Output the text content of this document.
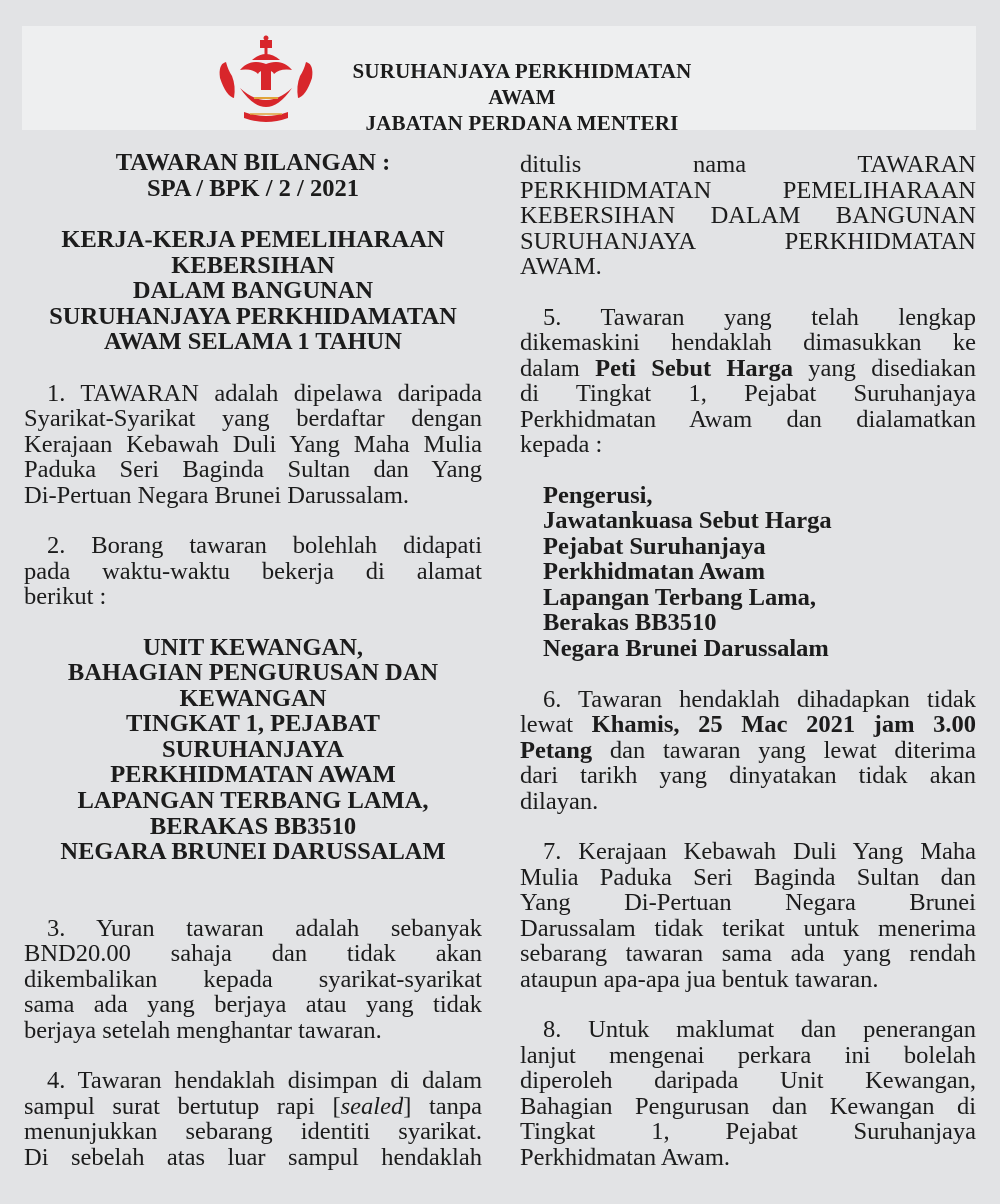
SURUHANJAYA PERKHIDMATAN AWAM
JABATAN PERDANA MENTERI
TAWARAN BILANGAN :
SPA / BPK / 2 / 2021
KERJA-KERJA PEMELIHARAAN
KEBERSIHAN
DALAM BANGUNAN
SURUHANJAYA PERKHIDAMATAN
AWAM SELAMA 1 TAHUN
1. TAWARAN adalah dipelawa daripada
Syarikat-Syarikat yang berdaftar dengan
Kerajaan Kebawah Duli Yang Maha Mulia
Paduka Seri Baginda Sultan dan Yang
Di-Pertuan Negara Brunei Darussalam.
2. Borang tawaran bolehlah didapati
pada waktu-waktu bekerja di alamat
berikut :
UNIT KEWANGAN,
BAHAGIAN PENGURUSAN DAN
KEWANGAN
TINGKAT 1, PEJABAT
SURUHANJAYA
PERKHIDMATAN AWAM
LAPANGAN TERBANG LAMA,
BERAKAS BB3510
NEGARA BRUNEI DARUSSALAM
3. Yuran tawaran adalah sebanyak
BND20.00 sahaja dan tidak akan
dikembalikan kepada syarikat-syarikat
sama ada yang berjaya atau yang tidak
berjaya setelah menghantar tawaran.
4. Tawaran hendaklah disimpan di dalam
sampul surat bertutup rapi [sealed] tanpa
menunjukkan sebarang identiti syarikat.
Di sebelah atas luar sampul hendaklah
ditulis nama TAWARAN
PERKHIDMATAN PEMELIHARAAN
KEBERSIHAN DALAM BANGUNAN
SURUHANJAYA PERKHIDMATAN
AWAM.
5. Tawaran yang telah lengkap
dikemaskini hendaklah dimasukkan ke
dalam Peti Sebut Harga yang disediakan
di Tingkat 1, Pejabat Suruhanjaya
Perkhidmatan Awam dan dialamatkan
kepada :
Pengerusi,
Jawatankuasa Sebut Harga
Pejabat Suruhanjaya
Perkhidmatan Awam
Lapangan Terbang Lama,
Berakas BB3510
Negara Brunei Darussalam
6. Tawaran hendaklah dihadapkan tidak
lewat Khamis, 25 Mac 2021 jam 3.00
Petang dan tawaran yang lewat diterima
dari tarikh yang dinyatakan tidak akan
dilayan.
7. Kerajaan Kebawah Duli Yang Maha
Mulia Paduka Seri Baginda Sultan dan
Yang Di-Pertuan Negara Brunei
Darussalam tidak terikat untuk menerima
sebarang tawaran sama ada yang rendah
ataupun apa-apa jua bentuk tawaran.
8. Untuk maklumat dan penerangan
lanjut mengenai perkara ini bolelah
diperoleh daripada Unit Kewangan,
Bahagian Pengurusan dan Kewangan di
Tingkat 1, Pejabat Suruhanjaya
Perkhidmatan Awam.
